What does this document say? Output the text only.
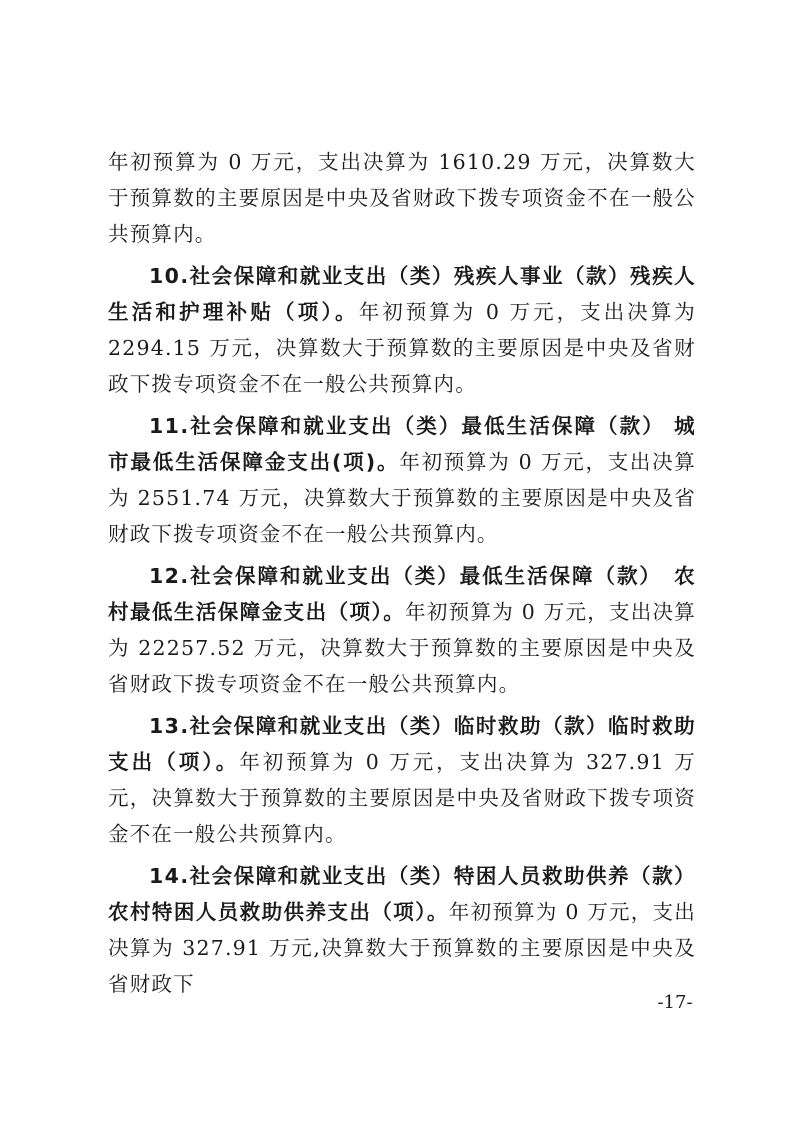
年初预算为 0 万元，支出决算为 1610.29 万元，决算数大于预算数的主要原因是中央及省财政下拨专项资金不在一般公共预算内。

10.社会保障和就业支出（类）残疾人事业（款）残疾人生活和护理补贴（项）。年初预算为 0 万元，支出决算为 2294.15 万元，决算数大于预算数的主要原因是中央及省财政下拨专项资金不在一般公共预算内。

11.社会保障和就业支出（类）最低生活保障（款） 城市最低生活保障金支出(项)。年初预算为 0 万元，支出决算为 2551.74 万元，决算数大于预算数的主要原因是中央及省财政下拨专项资金不在一般公共预算内。

12.社会保障和就业支出（类）最低生活保障（款）　农村最低生活保障金支出（项）。年初预算为 0 万元，支出决算为 22257.52 万元，决算数大于预算数的主要原因是中央及省财政下拨专项资金不在一般公共预算内。

13.社会保障和就业支出（类）临时救助（款）临时救助支出（项）。年初预算为 0 万元，支出决算为 327.91 万元，决算数大于预算数的主要原因是中央及省财政下拨专项资金不在一般公共预算内。

14.社会保障和就业支出（类）特困人员救助供养（款）农村特困人员救助供养支出（项）。年初预算为 0 万元，支出决算为 327.91 万元,决算数大于预算数的主要原因是中央及省财政下

-17-
